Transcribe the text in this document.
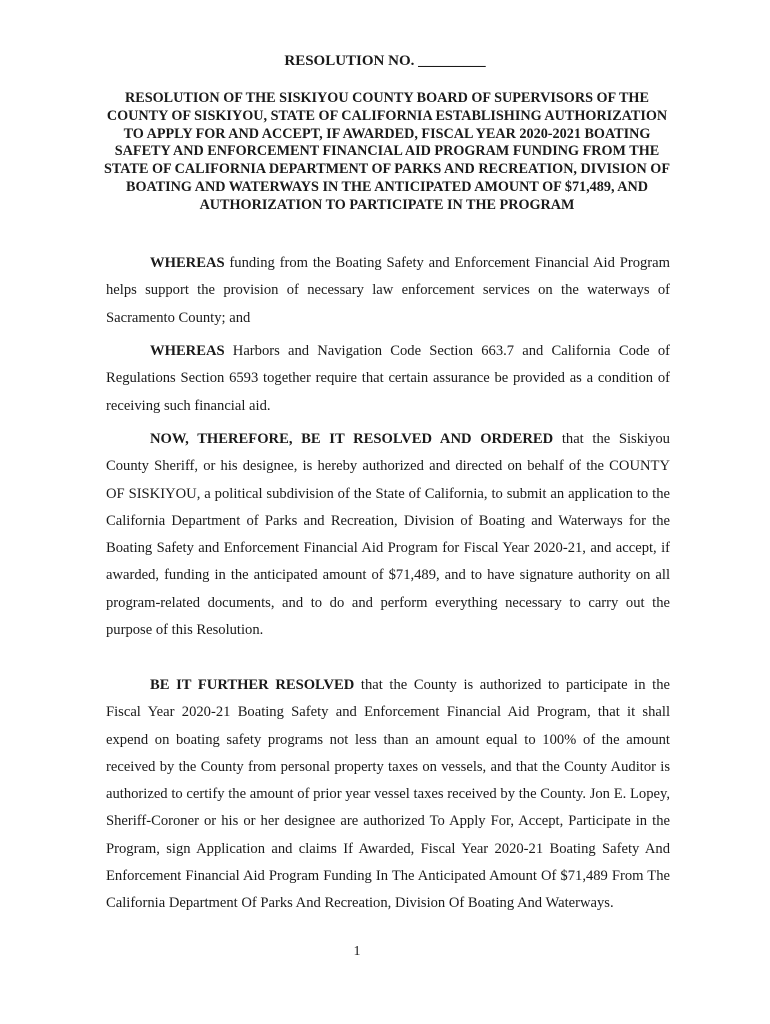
RESOLUTION NO. _________
RESOLUTION OF THE SISKIYOU COUNTY BOARD OF SUPERVISORS OF THE COUNTY OF SISKIYOU, STATE OF CALIFORNIA ESTABLISHING AUTHORIZATION TO APPLY FOR AND ACCEPT, IF AWARDED, FISCAL YEAR 2020-2021 BOATING SAFETY AND ENFORCEMENT FINANCIAL AID PROGRAM FUNDING FROM THE STATE OF CALIFORNIA DEPARTMENT OF PARKS AND RECREATION, DIVISION OF BOATING AND WATERWAYS IN THE ANTICIPATED AMOUNT OF $71,489, AND AUTHORIZATION TO PARTICIPATE IN THE PROGRAM
WHEREAS funding from the Boating Safety and Enforcement Financial Aid Program helps support the provision of necessary law enforcement services on the waterways of Sacramento County; and
WHEREAS Harbors and Navigation Code Section 663.7 and California Code of Regulations Section 6593 together require that certain assurance be provided as a condition of receiving such financial aid.
NOW, THEREFORE, BE IT RESOLVED AND ORDERED that the Siskiyou County Sheriff, or his designee, is hereby authorized and directed on behalf of the COUNTY OF SISKIYOU, a political subdivision of the State of California, to submit an application to the California Department of Parks and Recreation, Division of Boating and Waterways for the Boating Safety and Enforcement Financial Aid Program for Fiscal Year 2020-21, and accept, if awarded, funding in the anticipated amount of $71,489, and to have signature authority on all program-related documents, and to do and perform everything necessary to carry out the purpose of this Resolution.
BE IT FURTHER RESOLVED that the County is authorized to participate in the Fiscal Year 2020-21 Boating Safety and Enforcement Financial Aid Program, that it shall expend on boating safety programs not less than an amount equal to 100% of the amount received by the County from personal property taxes on vessels, and that the County Auditor is authorized to certify the amount of prior year vessel taxes received by the County. Jon E. Lopey, Sheriff-Coroner or his or her designee are authorized To Apply For, Accept, Participate in the Program, sign Application and claims If Awarded, Fiscal Year 2020-21 Boating Safety And Enforcement Financial Aid Program Funding In The Anticipated Amount Of $71,489 From The California Department Of Parks And Recreation, Division Of Boating And Waterways.
1
